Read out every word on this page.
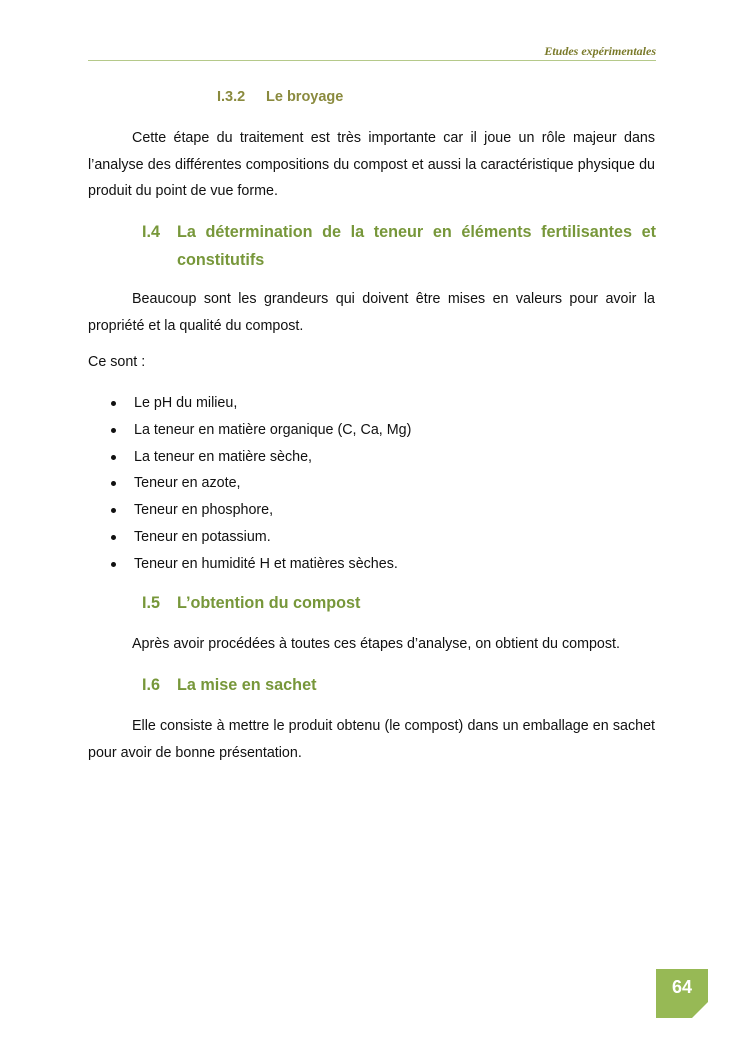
Etudes expérimentales
I.3.2 Le broyage
Cette étape du traitement est très importante car il joue un rôle majeur dans l’analyse des différentes compositions du compost et aussi la caractéristique physique du produit du point de vue forme.
I.4 La détermination de la teneur en éléments fertilisantes et constitutifs
Beaucoup sont les grandeurs qui doivent être mises en valeurs pour avoir la propriété et la qualité du compost.
Ce sont :
Le pH du milieu,
La teneur en matière organique (C, Ca, Mg)
La teneur en matière sèche,
Teneur en azote,
Teneur en phosphore,
Teneur en potassium.
Teneur en humidité H et matières sèches.
I.5 L’obtention du compost
Après avoir procédées à toutes ces étapes d’analyse, on obtient du compost.
I.6 La mise en sachet
Elle consiste à mettre le produit obtenu (le compost) dans un emballage en sachet pour avoir de bonne présentation.
64
